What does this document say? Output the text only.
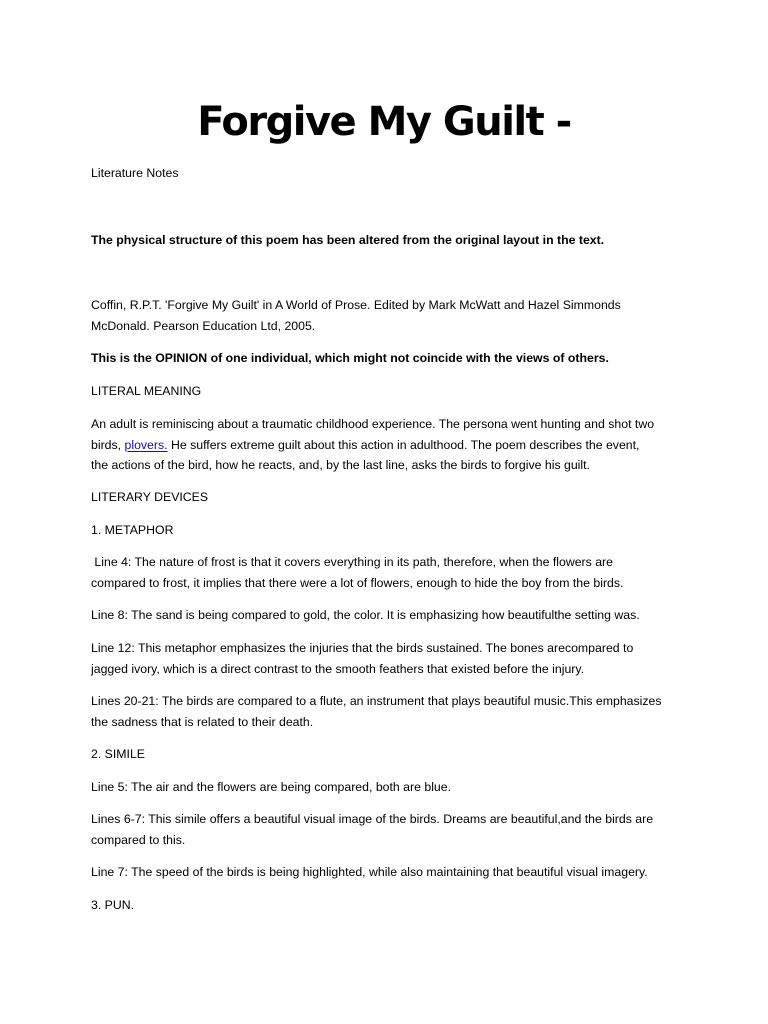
Forgive My Guilt -

Literature Notes

The physical structure of this poem has been altered from the original layout in the text.

Coffin, R.P.T. 'Forgive My Guilt' in A World of Prose. Edited by Mark McWatt and Hazel Simmonds
McDonald. Pearson Education Ltd, 2005.

This is the OPINION of one individual, which might not coincide with the views of others.

LITERAL MEANING

An adult is reminiscing about a traumatic childhood experience. The persona went hunting and shot two
birds, plovers. He suffers extreme guilt about this action in adulthood. The poem describes the event,
the actions of the bird, how he reacts, and, by the last line, asks the birds to forgive his guilt.

LITERARY DEVICES

1. METAPHOR

Line 4: The nature of frost is that it covers everything in its path, therefore, when the flowers are
compared to frost, it implies that there were a lot of flowers, enough to hide the boy from the birds.

Line 8: The sand is being compared to gold, the color. It is emphasizing how beautifulthe setting was.

Line 12: This metaphor emphasizes the injuries that the birds sustained. The bones arecompared to
jagged ivory, which is a direct contrast to the smooth feathers that existed before the injury.

Lines 20-21: The birds are compared to a flute, an instrument that plays beautiful music.This emphasizes
the sadness that is related to their death.

2. SIMILE

Line 5: The air and the flowers are being compared, both are blue.

Lines 6-7: This simile offers a beautiful visual image of the birds. Dreams are beautiful,and the birds are
compared to this.

Line 7: The speed of the birds is being highlighted, while also maintaining that beautiful visual imagery.

3. PUN.
